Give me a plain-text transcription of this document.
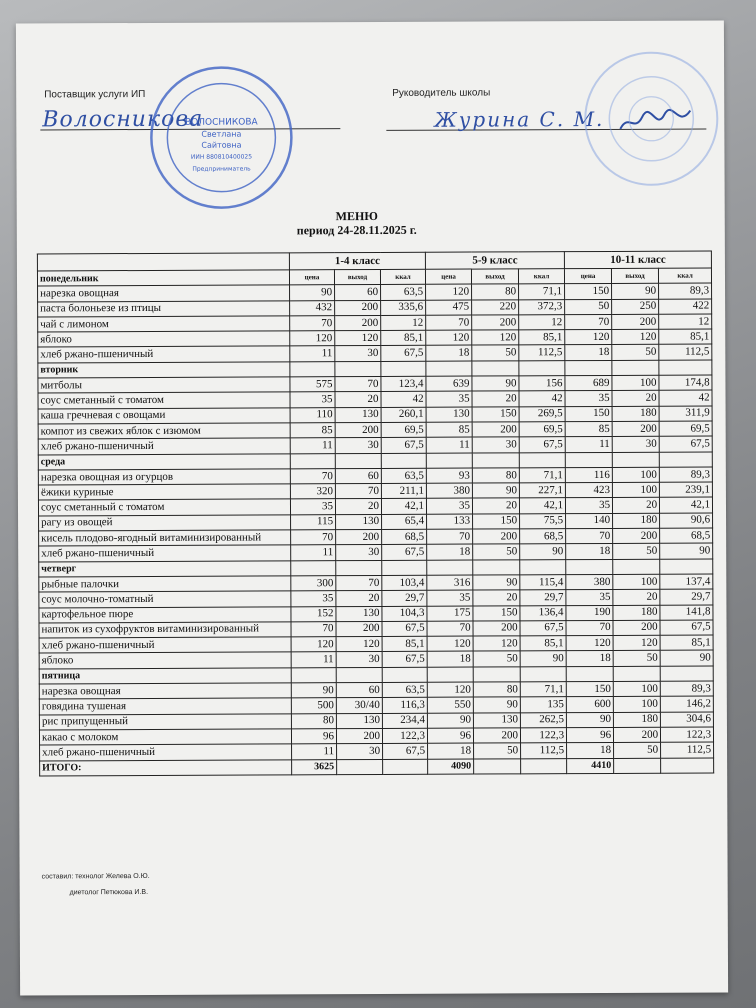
Поставщик услуги ИП
Волосникова
ВОЛОСНИКОВА
Светлана
Сайтовна
ИИН 880810400025
Предприниматель
Руководитель школы
Журина С. М.
МЕНЮ
период 24-28.11.2025 г.
	1-4 класс			5-9 класс			10-11 класс		
понедельник	цена	выход	ккал	цена	выход	ккал	цена	выход	ккал
нарезка овощная	90	60	63,5	120	80	71,1	150	90	89,3
паста болоньезе из птицы	432	200	335,6	475	220	372,3	50	250	422
чай с лимоном	70	200	12	70	200	12	70	200	12
яблоко	120	120	85,1	120	120	85,1	120	120	85,1
хлеб ржано-пшеничный	11	30	67,5	18	50	112,5	18	50	112,5
вторник									
митболы	575	70	123,4	639	90	156	689	100	174,8
соус сметанный с томатом	35	20	42	35	20	42	35	20	42
каша гречневая с овощами	110	130	260,1	130	150	269,5	150	180	311,9
компот из свежих яблок с изюмом	85	200	69,5	85	200	69,5	85	200	69,5
хлеб ржано-пшеничный	11	30	67,5	11	30	67,5	11	30	67,5
среда									
нарезка овощная из огурцов	70	60	63,5	93	80	71,1	116	100	89,3
ёжики куриные	320	70	211,1	380	90	227,1	423	100	239,1
соус сметанный с томатом	35	20	42,1	35	20	42,1	35	20	42,1
рагу из овощей	115	130	65,4	133	150	75,5	140	180	90,6
кисель плодово-ягодный витаминизированный	70	200	68,5	70	200	68,5	70	200	68,5
хлеб ржано-пшеничный	11	30	67,5	18	50	90	18	50	90
четверг									
рыбные палочки	300	70	103,4	316	90	115,4	380	100	137,4
соус молочно-томатный	35	20	29,7	35	20	29,7	35	20	29,7
картофельное пюре	152	130	104,3	175	150	136,4	190	180	141,8
напиток из сухофруктов витаминизированный	70	200	67,5	70	200	67,5	70	200	67,5
хлеб ржано-пшеничный	120	120	85,1	120	120	85,1	120	120	85,1
яблоко	11	30	67,5	18	50	90	18	50	90
пятница									
нарезка овощная	90	60	63,5	120	80	71,1	150	100	89,3
говядина тушеная	500	30/40	116,3	550	90	135	600	100	146,2
рис припущенный	80	130	234,4	90	130	262,5	90	180	304,6
какао с молоком	96	200	122,3	96	200	122,3	96	200	122,3
хлеб ржано-пшеничный	11	30	67,5	18	50	112,5	18	50	112,5
ИТОГО:	3625			4090			4410		
составил: технолог Желева О.Ю.
диетолог Петюкова И.В.
